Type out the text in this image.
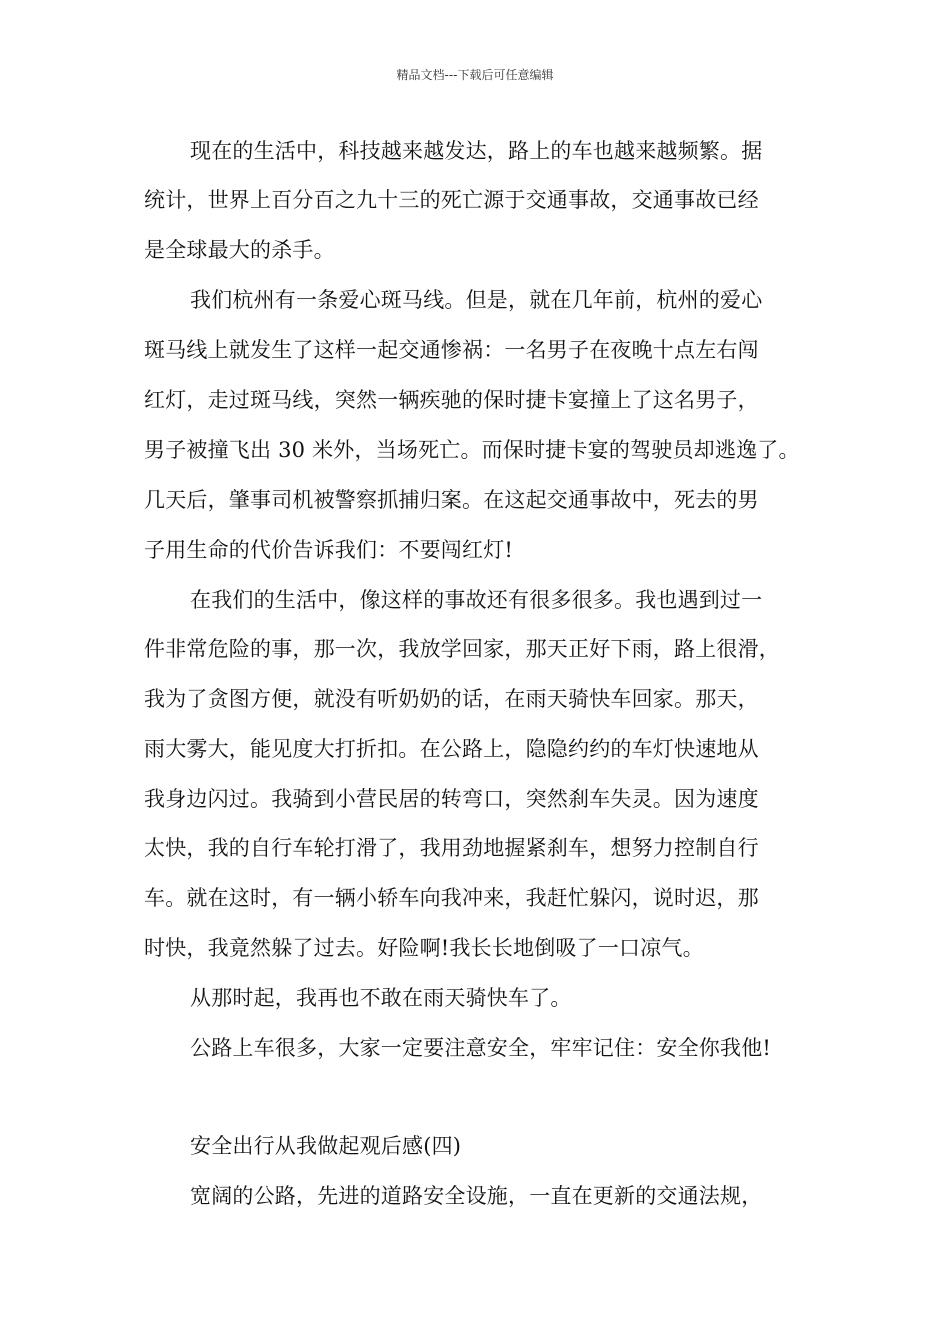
精品文档---下载后可任意编辑
现在的生活中，科技越来越发达，路上的车也越来越频繁。据
统计，世界上百分百之九十三的死亡源于交通事故，交通事故已经
是全球最大的杀手。
我们杭州有一条爱心斑马线。但是，就在几年前，杭州的爱心
斑马线上就发生了这样一起交通惨祸：一名男子在夜晚十点左右闯
红灯，走过斑马线，突然一辆疾驰的保时捷卡宴撞上了这名男子，
男子被撞飞出 30 米外，当场死亡。而保时捷卡宴的驾驶员却逃逸了。
几天后，肇事司机被警察抓捕归案。在这起交通事故中，死去的男
子用生命的代价告诉我们：不要闯红灯!
在我们的生活中，像这样的事故还有很多很多。我也遇到过一
件非常危险的事，那一次，我放学回家，那天正好下雨，路上很滑，
我为了贪图方便，就没有听奶奶的话，在雨天骑快车回家。那天，
雨大雾大，能见度大打折扣。在公路上，隐隐约约的车灯快速地从
我身边闪过。我骑到小营民居的转弯口，突然刹车失灵。因为速度
太快，我的自行车轮打滑了，我用劲地握紧刹车，想努力控制自行
车。就在这时，有一辆小轿车向我冲来，我赶忙躲闪，说时迟，那
时快，我竟然躲了过去。好险啊!我长长地倒吸了一口凉气。
从那时起，我再也不敢在雨天骑快车了。
公路上车很多，大家一定要注意安全，牢牢记住：安全你我他!
安全出行从我做起观后感(四)
宽阔的公路，先进的道路安全设施，一直在更新的交通法规，
